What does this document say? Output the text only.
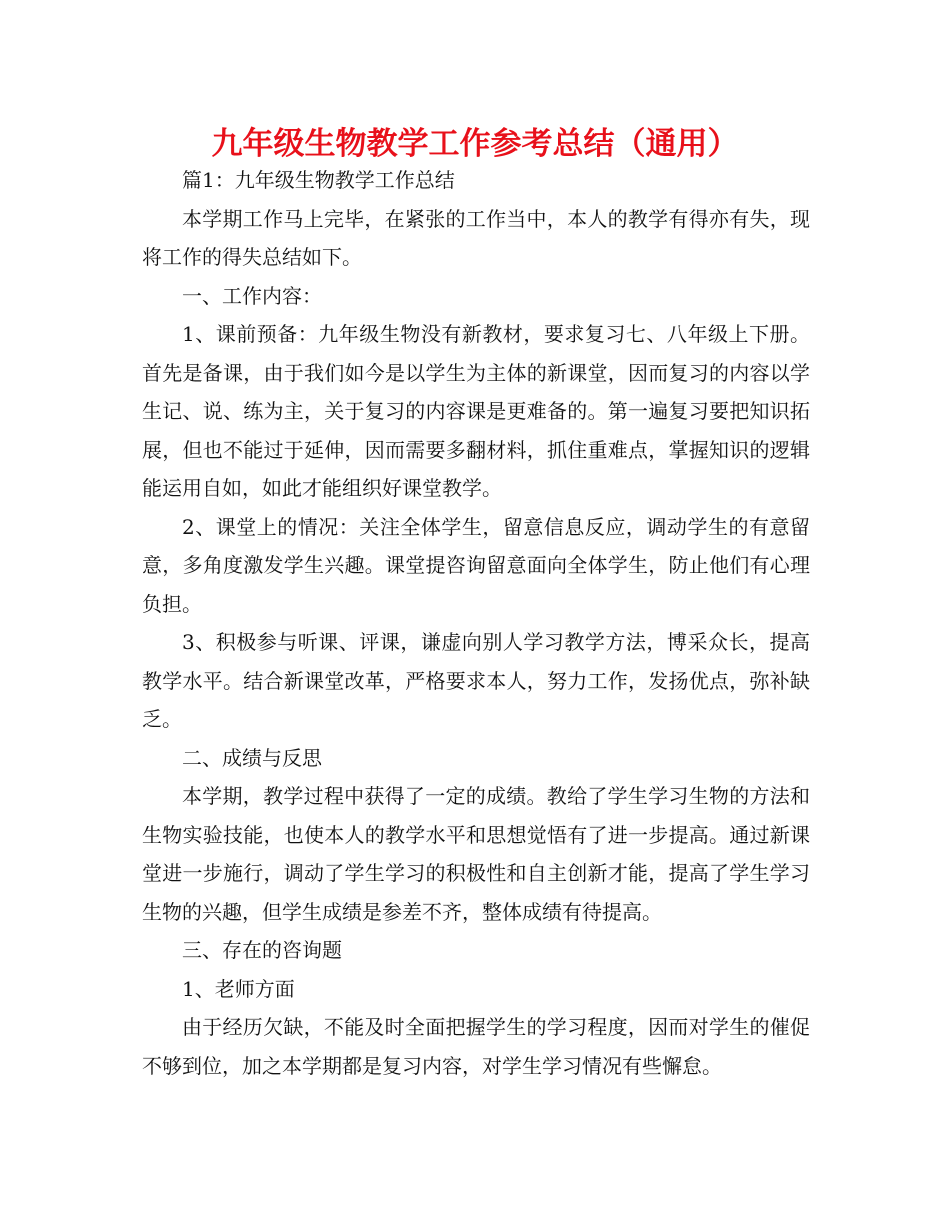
九年级生物教学工作参考总结（通用）

篇1：九年级生物教学工作总结

本学期工作马上完毕，在紧张的工作当中，本人的教学有得亦有失，现将工作的得失总结如下。

一、工作内容：

1、课前预备：九年级生物没有新教材，要求复习七、八年级上下册。首先是备课，由于我们如今是以学生为主体的新课堂，因而复习的内容以学生记、说、练为主，关于复习的内容课是更难备的。第一遍复习要把知识拓展，但也不能过于延伸，因而需要多翻材料，抓住重难点，掌握知识的逻辑能运用自如，如此才能组织好课堂教学。

2、课堂上的情况：关注全体学生，留意信息反应，调动学生的有意留意，多角度激发学生兴趣。课堂提咨询留意面向全体学生，防止他们有心理负担。

3、积极参与听课、评课，谦虚向别人学习教学方法，博采众长，提高教学水平。结合新课堂改革，严格要求本人，努力工作，发扬优点，弥补缺乏。

二、成绩与反思

本学期，教学过程中获得了一定的成绩。教给了学生学习生物的方法和生物实验技能，也使本人的教学水平和思想觉悟有了进一步提高。通过新课堂进一步施行，调动了学生学习的积极性和自主创新才能，提高了学生学习生物的兴趣，但学生成绩是参差不齐，整体成绩有待提高。

三、存在的咨询题

1、老师方面

由于经历欠缺，不能及时全面把握学生的学习程度，因而对学生的催促不够到位，加之本学期都是复习内容，对学生学习情况有些懈怠。
